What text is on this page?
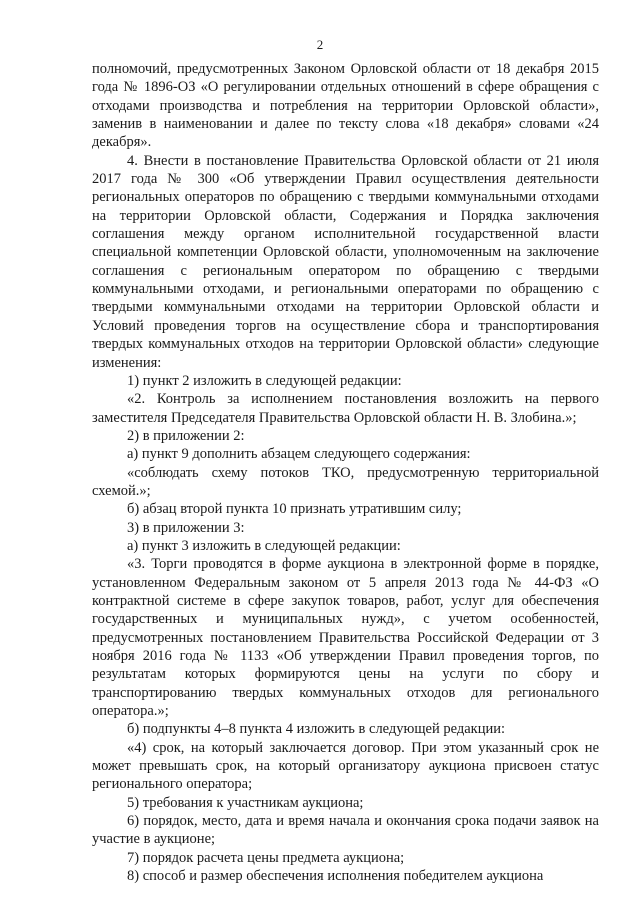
2

полномочий, предусмотренных Законом Орловской области от 18 декабря 2015 года № 1896-ОЗ «О регулировании отдельных отношений в сфере обращения с отходами производства и потребления на территории Орловской области», заменив в наименовании и далее по тексту слова «18 декабря» словами «24 декабря».

4. Внести в постановление Правительства Орловской области от 21 июля 2017 года № 300 «Об утверждении Правил осуществления деятельности региональных операторов по обращению с твердыми коммунальными отходами на территории Орловской области, Содержания и Порядка заключения соглашения между органом исполнительной государственной власти специальной компетенции Орловской области, уполномоченным на заключение соглашения с региональным оператором по обращению с твердыми коммунальными отходами, и региональными операторами по обращению с твердыми коммунальными отходами на территории Орловской области и Условий проведения торгов на осуществление сбора и транспортирования твердых коммунальных отходов на территории Орловской области» следующие изменения:

1) пункт 2 изложить в следующей редакции:

«2. Контроль за исполнением постановления возложить на первого заместителя Председателя Правительства Орловской области Н. В. Злобина.»;

2) в приложении 2:

а) пункт 9 дополнить абзацем следующего содержания:

«соблюдать схему потоков ТКО, предусмотренную территориальной схемой.»;

б) абзац второй пункта 10 признать утратившим силу;

3) в приложении 3:

а) пункт 3 изложить в следующей редакции:

«3. Торги проводятся в форме аукциона в электронной форме в порядке, установленном Федеральным законом от 5 апреля 2013 года № 44-ФЗ «О контрактной системе в сфере закупок товаров, работ, услуг для обеспечения государственных и муниципальных нужд», с учетом особенностей, предусмотренных постановлением Правительства Российской Федерации от 3 ноября 2016 года № 1133 «Об утверждении Правил проведения торгов, по результатам которых формируются цены на услуги по сбору и транспортированию твердых коммунальных отходов для регионального оператора.»;

б) подпункты 4–8 пункта 4 изложить в следующей редакции:

«4) срок, на который заключается договор. При этом указанный срок не может превышать срок, на который организатору аукциона присвоен статус регионального оператора;

5) требования к участникам аукциона;

6) порядок, место, дата и время начала и окончания срока подачи заявок на участие в аукционе;

7) порядок расчета цены предмета аукциона;

8) способ и размер обеспечения исполнения победителем аукциона
